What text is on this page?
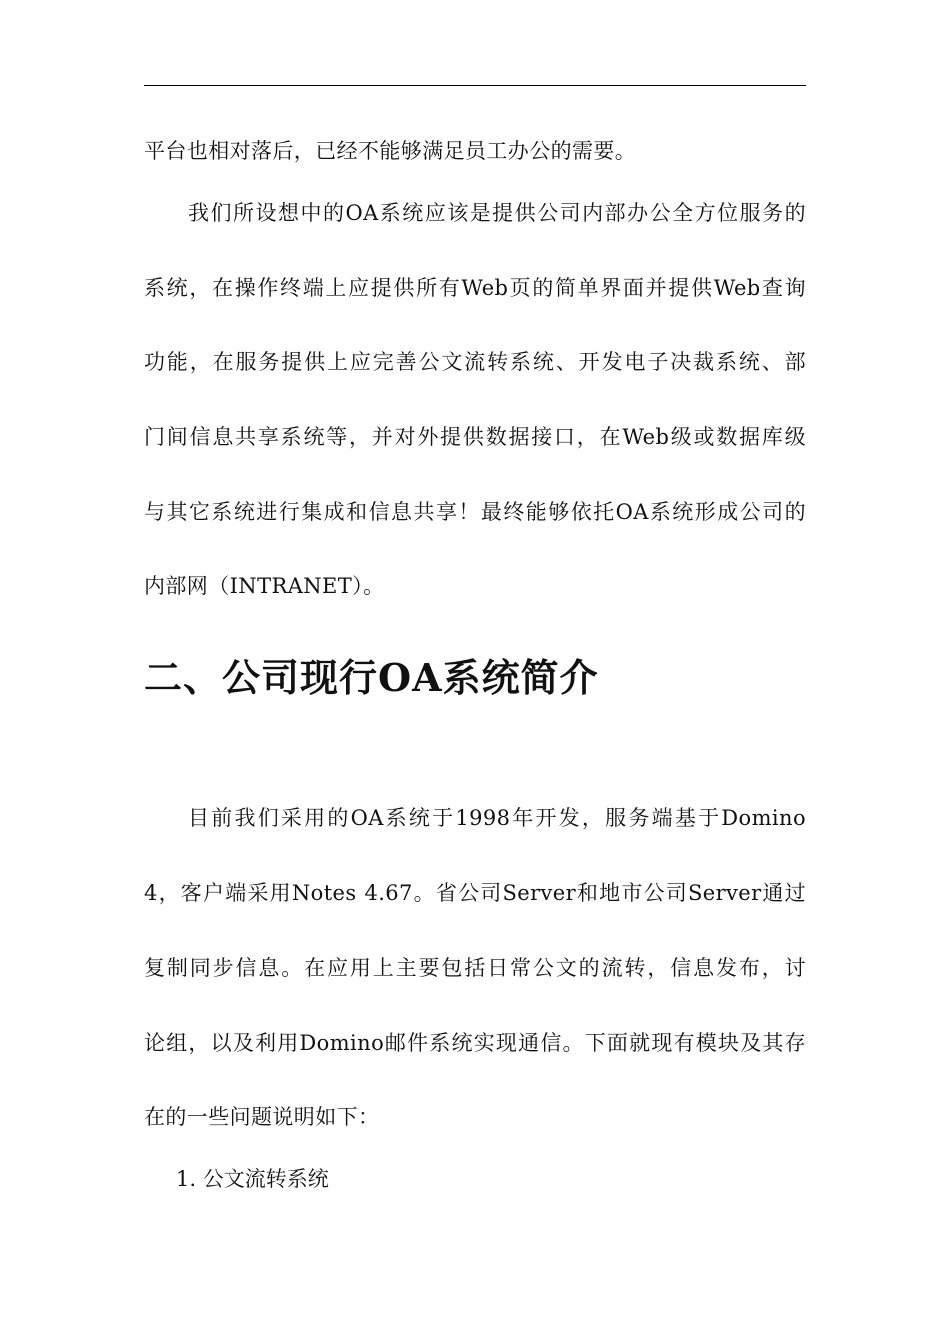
平台也相对落后，已经不能够满足员工办公的需要。
我们所设想中的OA系统应该是提供公司内部办公全方位服务的
系统，在操作终端上应提供所有Web页的简单界面并提供Web查询
功能，在服务提供上应完善公文流转系统、开发电子决裁系统、部
门间信息共享系统等，并对外提供数据接口，在Web级或数据库级
与其它系统进行集成和信息共享！最终能够依托OA系统形成公司的
内部网（INTRANET）。
二、公司现行OA系统简介
目前我们采用的OA系统于1998年开发，服务端基于Domino
4，客户端采用Notes 4.67。省公司Server和地市公司Server通过
复制同步信息。在应用上主要包括日常公文的流转，信息发布，讨
论组，以及利用Domino邮件系统实现通信。下面就现有模块及其存
在的一些问题说明如下：
1. 公文流转系统
